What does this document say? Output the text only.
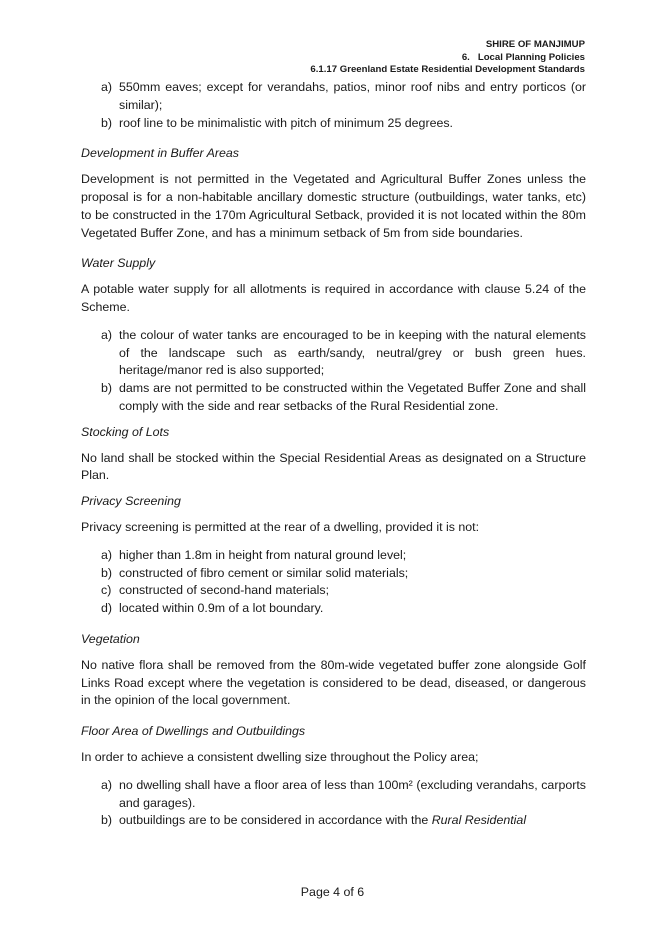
SHIRE OF MANJIMUP
6.   Local Planning Policies
6.1.17 Greenland Estate Residential Development Standards
a) 550mm eaves; except for verandahs, patios, minor roof nibs and entry porticos (or similar);
b) roof line to be minimalistic with pitch of minimum 25 degrees.

Development in Buffer Areas

Development is not permitted in the Vegetated and Agricultural Buffer Zones unless the proposal is for a non-habitable ancillary domestic structure (outbuildings, water tanks, etc) to be constructed in the 170m Agricultural Setback, provided it is not located within the 80m Vegetated Buffer Zone, and has a minimum setback of 5m from side boundaries.

Water Supply

A potable water supply for all allotments is required in accordance with clause 5.24 of the Scheme.

a) the colour of water tanks are encouraged to be in keeping with the natural elements of the landscape such as earth/sandy, neutral/grey or bush green hues. heritage/manor red is also supported;
b) dams are not permitted to be constructed within the Vegetated Buffer Zone and shall comply with the side and rear setbacks of the Rural Residential zone.

Stocking of Lots

No land shall be stocked within the Special Residential Areas as designated on a Structure Plan.

Privacy Screening

Privacy screening is permitted at the rear of a dwelling, provided it is not:

a) higher than 1.8m in height from natural ground level;
b) constructed of fibro cement or similar solid materials;
c) constructed of second-hand materials;
d) located within 0.9m of a lot boundary.

Vegetation

No native flora shall be removed from the 80m-wide vegetated buffer zone alongside Golf Links Road except where the vegetation is considered to be dead, diseased, or dangerous in the opinion of the local government.

Floor Area of Dwellings and Outbuildings

In order to achieve a consistent dwelling size throughout the Policy area;

a) no dwelling shall have a floor area of less than 100m² (excluding verandahs, carports and garages).
b) outbuildings are to be considered in accordance with the Rural Residential
Page 4 of 6
